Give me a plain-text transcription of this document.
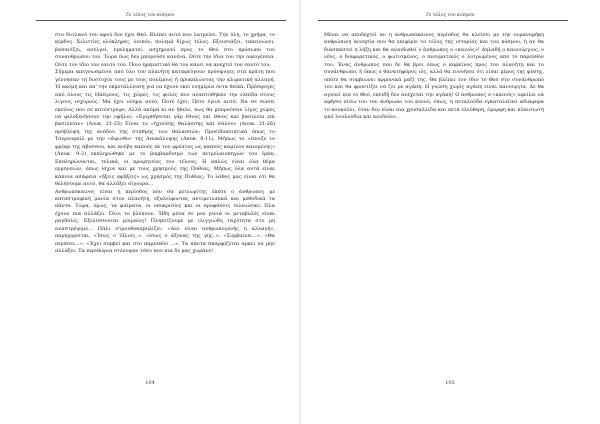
Το τέλος του κόσμου

στο δυτλανό του αφού δεν έχει Θεό. Βλέπει αυτό που λατρεύει. Την ύλη, το χρήμα, το κέρδος. Χιλιετίες ολόκληρες, λοιπόν, πολεμά δίχως τέλος. Εξουσιάζει, ταπεινώνει, βασανίζει, ασελγεί, εγκληματεί, ασχημονεί προς το Θεό στο πρόσωπο του συνανθρώπου του. Τώρα πως δεν μπορούσε κανένα. Ούτε την ίδια του την οικογένεια. Ούτε τον ίδιο τον εαυτό του. Ποιο ηρεμιστικό θα τον κάνει να ανεχτεί τον εαυτό του;

Σήμερα απεγνωσμένοι από όλο τον πλανήτη καταφεύγουν πρόσφυγες στα κράτη που γέννησαν τη δυστυχία τους με τους πολέμους ή προκαλώντας την κλιματική αλλαγή. Ή ακόμη και απ' την εκμετάλλευση για να έχουν εκεί ευημερία όντα θεϊκά. Πρόσφυγες από όλους τις Ηπείρους, τις χώρες, τις φυλές που αναπτύθηκαν την ελπίδα στους λίγους ισχυρούς. Μα έχει νόημα αυτό; Ποτέ έχει; Πότε έγινε αυτό; Να σε σώσει εκείνος που σε κατέστρεψε; Αλλά ακόμα κι αν ήθελε, πως θα μπορούσαν λίγες χώρες να φιλοξενήσουν την υφήλιο; «Εγερθήσεται γάρ έθνος επί έθνος καί βασιλεία επί βασιλείαν» (Λουκ. 21-25) Είναι το «ήχούσης θαλάσσης καί σάλου» (Λουκ. 21-26) πρόβλεψη της ανόδου της στάθμης των θαλασσών; Προειδοποιητικά όπως το Τσερνομπίλ με την «άψινθο» της Αποκάλυψης (Αποκ. 8-11). Μήπως το «έπνιξε το φρέαρ της άβυσσου, και ανέβη καπνός εκ του φρέατος ως καπνός καμίνου καιομένης» (Αποκ. 9-2) εκπληρώθηκε με το βομβαρδισμό των πετρελαιοπηγών του Ιράκ; Εκπληρώνονται, τελικά, οι προφητείες του τέλους; Η απλώς είναι όλα θέμα ερμηνειών, όπως ίσχυε και με τους χρησμούς της Πυθίας; Μήπως όλα αυτά είναι κάποια ασάφεια «ήξεις αφήξεις» ως χρησμός της Πυθίας; Το λάθος μας είναι ότι θα θελήσουμε αυτό, θα αλλάξει σίγουρα...

Ανθρωπόκαινος είναι η περίοδος που σα μετεωρίτης έπεσε ο άνθρωπος με καταστροφική μανία στον πλανήτη, εξαλείφοντας αντιμετωπικά και μεθοδικά τα πάντα. Τώρα, όμως, τα φαίματα, οι υποκρισίες και οι προφάσεις τελειώσαν. Όλα έχουν πια αλλάξει. Όλοι το βλέπουν. Ήδη μέσα σε μια γενιά οι μεταβολές είναι ραγδαίες. Εξελίσσονται μοιραίες! Πληκτίζουμε με ιλιγγιώδη ταχύτητα στο μη αναστρέψιμο... Πάλι στρουθοκαμηλίζει. «Δεν είναι ανθρωπογενής η αλλαγή», παρηγορείται. «Ίσως ο Ήλιος..». «ίσως ο άξονας της γης..». «Συμβαίνει...». «Θα περάσει...». «Έχει συμβεί και στο παρελθόν ...». Τα πάντα σκαρφίζεται αρκεί να μην αλλάξει. Τα περιθώρια στένεψαν τόσο που πια δε μας χωράνε!

104
Το τέλος του κόσμου

Μένει να αποδεχτεί αν η ανθρωπόκαινος περίοδος θα κλείσει με την ουρανομήκη ανθρώπινη ανοησία που θα επιφέρει το τέλος της ιστορίας και του κόσμου, ή αν θα διασπαστεί η λήξη και θα αναιδωθεί ο άνθρωπος ο «καινός»! Δηλαδή ο καινούργιος, ο νέος, ο διαφορετικός, ο φωτισμένος, ο πνευματικός ο λυτρωμένος από το παρελθόν του. Ένας άνθρωπος που δε θα βρει όπως ο καρκίνος προς τον πλανήτη και το συνάνθρωπο, ή όπως ο θανατηφόρος ιός, αλλά θα εννοήσει ότι είναι μέρος της φύσης, οπότε θα συμβιώνει αρμονικά μαζί της. Θα βλέπει τον ίδιο το Θεό στο συνάνθρωπό του και θα φροντίζει να ζει με αγάπη. Η γνώση χωρίς αγάπη είναι πανουργία. Δε θα αγνοεί πια το Θεό, επειδή δεν ανέχεται την αγάπη! Ο άνθρωπος ο «καινός» οφείλει να αφήσει πίσω του τον άνθρωπο του κενού, όπως, η πεταλούδα εγκαταλείπει αδιάφορα το κουκούλι, όταν δεν είναι πια χρυσαλλίδα και πετά ελεύθερη, όμορφη και πλαισιωτή από λουλούδια και κουδούνι.

105
